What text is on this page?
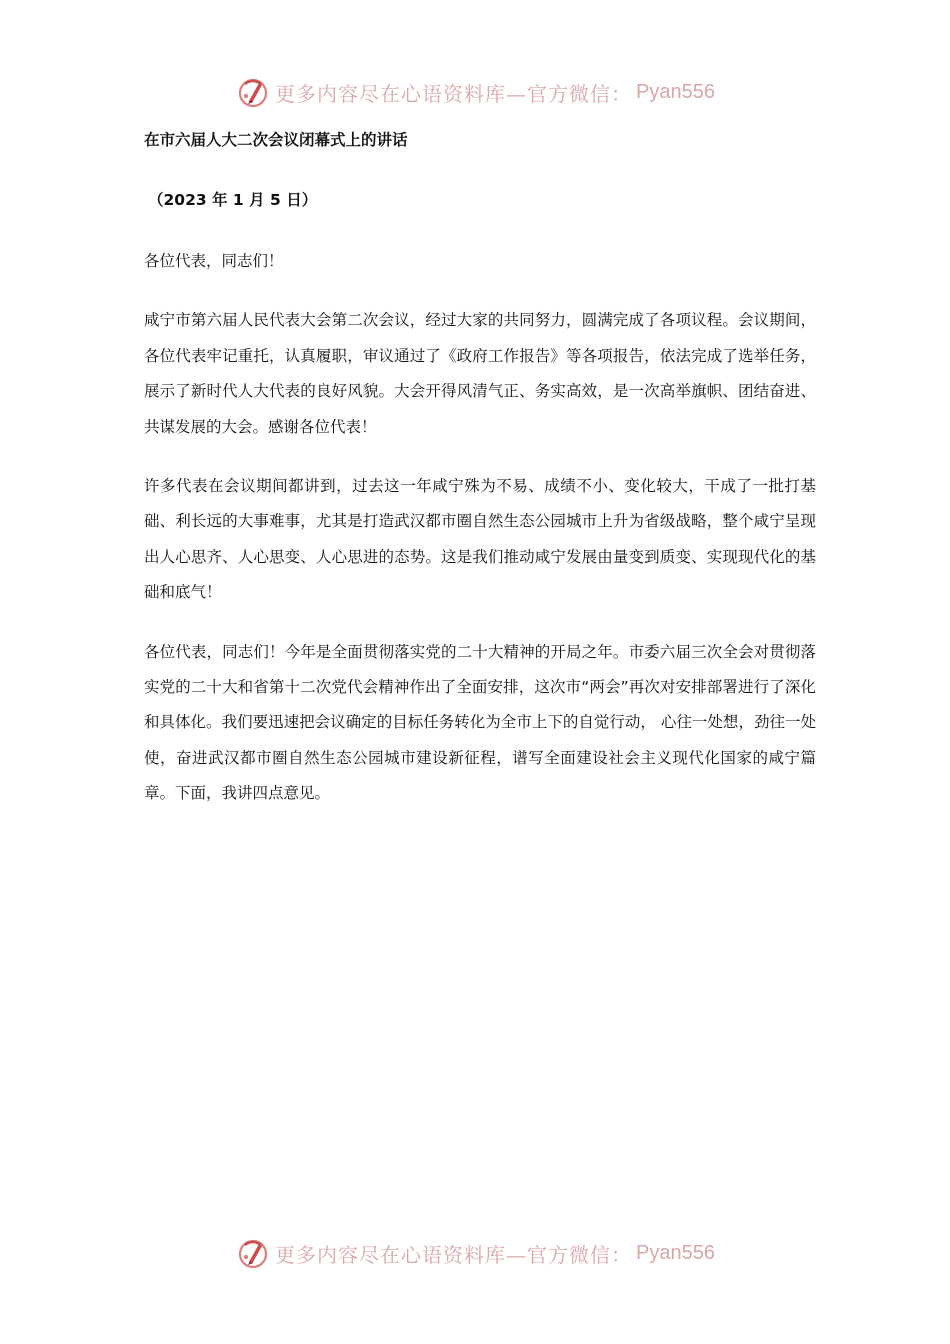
更多内容尽在心语资料库—官方微信： Pyan556
在市六届人大二次会议闭幕式上的讲话
（2023 年 1 月 5 日）
各位代表，同志们！
咸宁市第六届人民代表大会第二次会议，经过大家的共同努力，圆满完成了各项议程。会议期间，各位代表牢记重托，认真履职，审议通过了《政府工作报告》等各项报告，依法完成了选举任务，展示了新时代人大代表的良好风貌。大会开得风清气正、务实高效，是一次高举旗帜、团结奋进、共谋发展的大会。感谢各位代表！
许多代表在会议期间都讲到，过去这一年咸宁殊为不易、成绩不小、变化较大，干成了一批打基础、利长远的大事难事，尤其是打造武汉都市圈自然生态公园城市上升为省级战略，整个咸宁呈现出人心思齐、人心思变、人心思进的态势。这是我们推动咸宁发展由量变到质变、实现现代化的基础和底气！
各位代表，同志们！今年是全面贯彻落实党的二十大精神的开局之年。市委六届三次全会对贯彻落实党的二十大和省第十二次党代会精神作出了全面安排，这次市“两会”再次对安排部署进行了深化和具体化。我们要迅速把会议确定的目标任务转化为全市上下的自觉行动， 心往一处想，劲往一处使，奋进武汉都市圈自然生态公园城市建设新征程，谱写全面建设社会主义现代化国家的咸宁篇章。下面，我讲四点意见。
更多内容尽在心语资料库—官方微信： Pyan556
